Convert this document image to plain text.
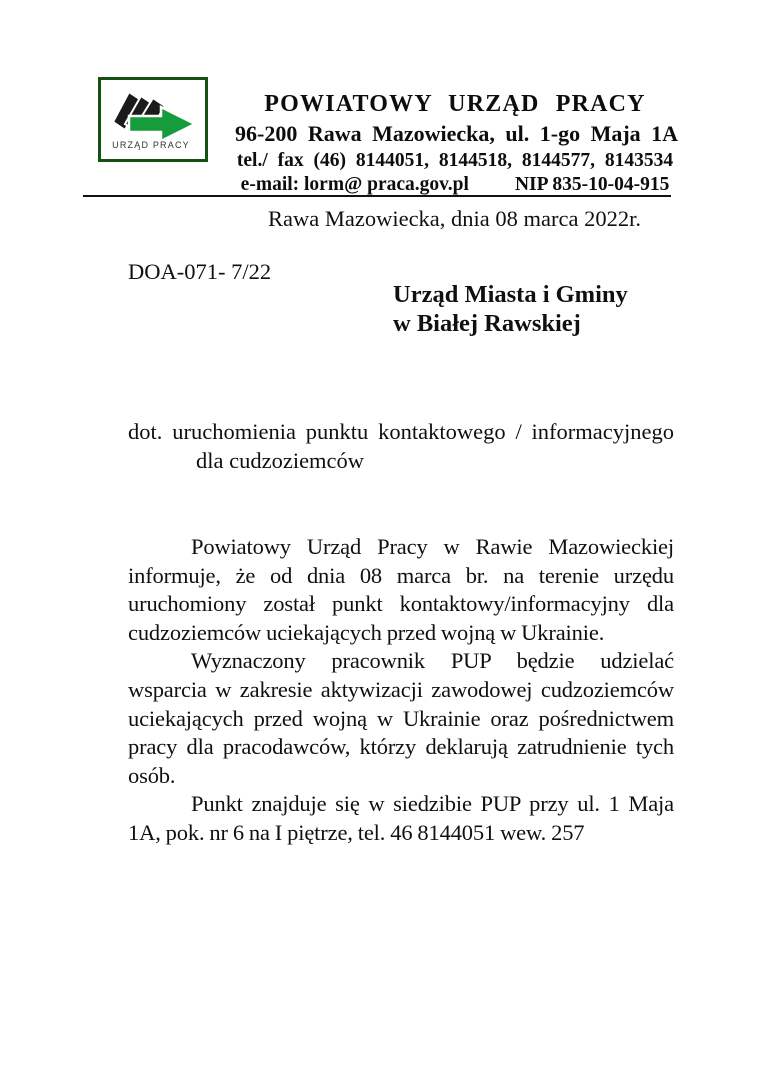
URZĄD PRACY
POWIATOWY URZĄD PRACY
96-200 Rawa Mazowiecka, ul. 1-go Maja 1A
tel./ fax (46) 8144051, 8144518, 8144577, 8143534
e-mail: lorm@ praca.gov.pl NIP 835-10-04-915
Rawa Mazowiecka, dnia 08 marca 2022r.
DOA-071- 7/22
Urząd Miasta i Gminy
w Białej Rawskiej
dot. uruchomienia punktu kontaktowego / informacyjnego
dla cudzoziemców

Powiatowy Urząd Pracy w Rawie Mazowieckiej informuje, że od dnia 08 marca br. na terenie urzędu uruchomiony został punkt kontaktowy/informacyjny dla cudzoziemców uciekających przed wojną w Ukrainie.

Wyznaczony pracownik PUP będzie udzielać wsparcia w zakresie aktywizacji zawodowej cudzoziemców uciekających przed wojną w Ukrainie oraz pośrednictwem pracy dla pracodawców, którzy deklarują zatrudnienie tych osób.

Punkt znajduje się w siedzibie PUP przy ul. 1 Maja 1A, pok. nr 6 na I piętrze, tel. 46 8144051 wew. 257
